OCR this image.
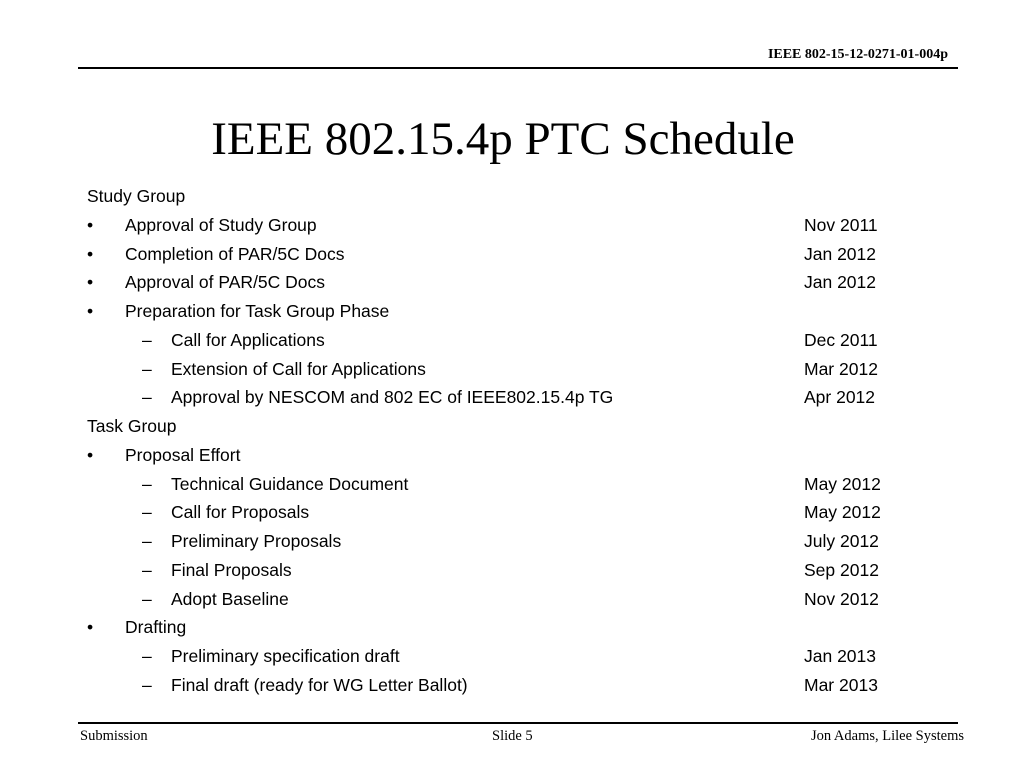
IEEE 802-15-12-0271-01-004p
IEEE 802.15.4p PTC Schedule
Study Group
• Approval of Study Group	Nov 2011
• Completion of PAR/5C Docs	Jan 2012
• Approval of PAR/5C Docs	Jan 2012
• Preparation for Task Group Phase
– Call for Applications	Dec 2011
– Extension of Call for Applications	Mar 2012
– Approval by NESCOM and 802 EC of IEEE802.15.4p TG	Apr 2012
Task Group
• Proposal Effort
– Technical Guidance Document	May 2012
– Call for Proposals	May 2012
– Preliminary Proposals	July 2012
– Final Proposals	Sep 2012
– Adopt Baseline	Nov 2012
• Drafting
– Preliminary specification draft	Jan 2013
– Final draft (ready for WG Letter Ballot)	Mar 2013
Submission	Slide 5	Jon Adams, Lilee Systems
